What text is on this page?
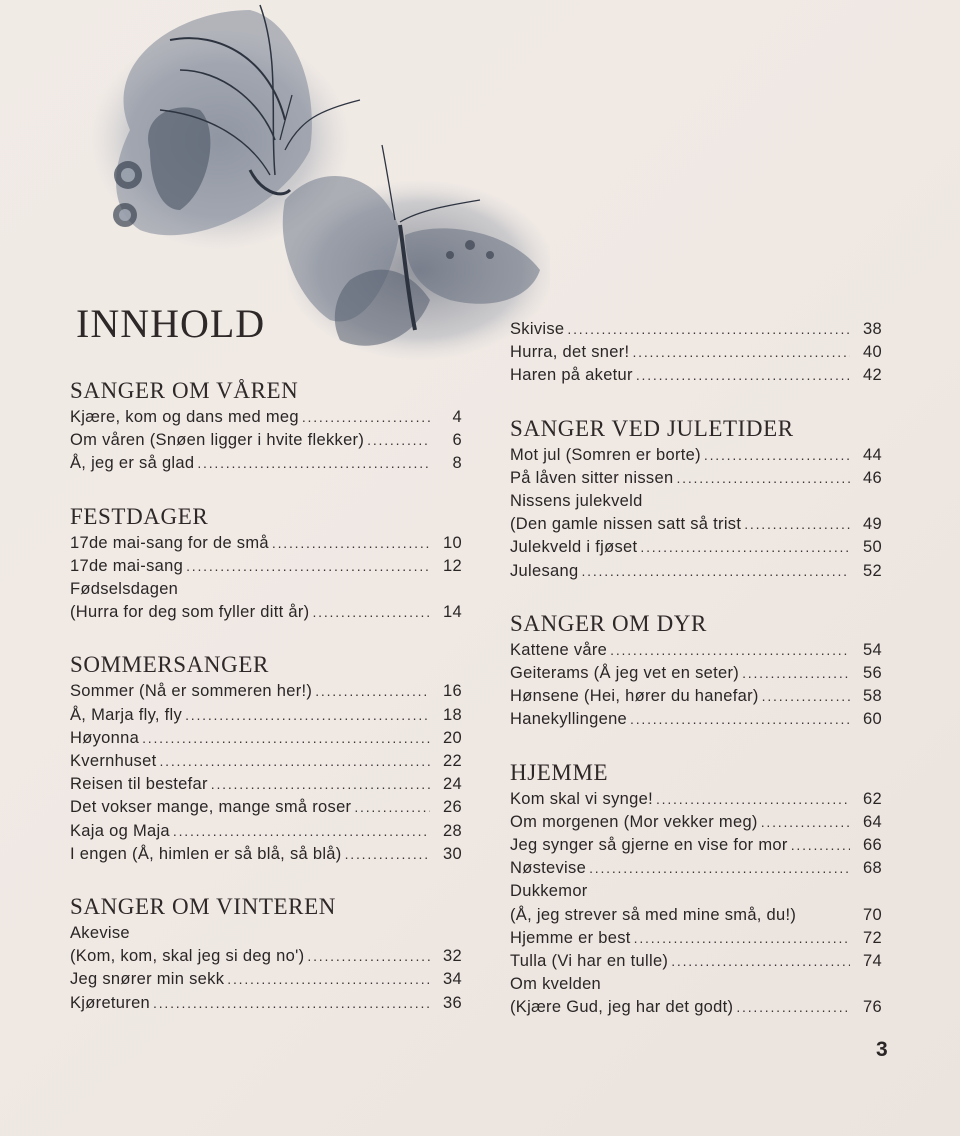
INNHOLD
SANGER OM VÅREN
Kjære, kom og dans med meg .....	4
Om våren (Snøen ligger i hvite flekker) .....	6
Å, jeg er så glad .....	8
FESTDAGER
17de mai-sang for de små .....	10
17de mai-sang .....	12
Fødselsdagen
(Hurra for deg som fyller ditt år) .....	14
SOMMERSANGER
Sommer (Nå er sommeren her!) .....	16
Å, Marja fly, fly .....	18
Høyonna .....	20
Kvernhuset .....	22
Reisen til bestefar .....	24
Det vokser mange, mange små roser .....	26
Kaja og Maja .....	28
I engen (Å, himlen er så blå, så blå) .....	30
SANGER OM VINTEREN
Akevise
(Kom, kom, skal jeg si deg no') .....	32
Jeg snører min sekk .....	34
Kjøreturen .....	36
Skivise .....	38
Hurra, det sner! .....	40
Haren på aketur .....	42
SANGER VED JULETIDER
Mot jul (Somren er borte) .....	44
På låven sitter nissen .....	46
Nissens julekveld
(Den gamle nissen satt så trist .....	49
Julekveld i fjøset .....	50
Julesang .....	52
SANGER OM DYR
Kattene våre .....	54
Geiterams (Å jeg vet en seter) .....	56
Hønsene (Hei, hører du hanefar) .....	58
Hanekyllingene .....	60
HJEMME
Kom skal vi synge! .....	62
Om morgenen (Mor vekker meg) .....	64
Jeg synger så gjerne en vise for mor .....	66
Nøstevise .....	68
Dukkemor
(Å, jeg strever så med mine små, du!)	70
Hjemme er best .....	72
Tulla (Vi har en tulle) .....	74
Om kvelden
(Kjære Gud, jeg har det godt) .....	76
3
